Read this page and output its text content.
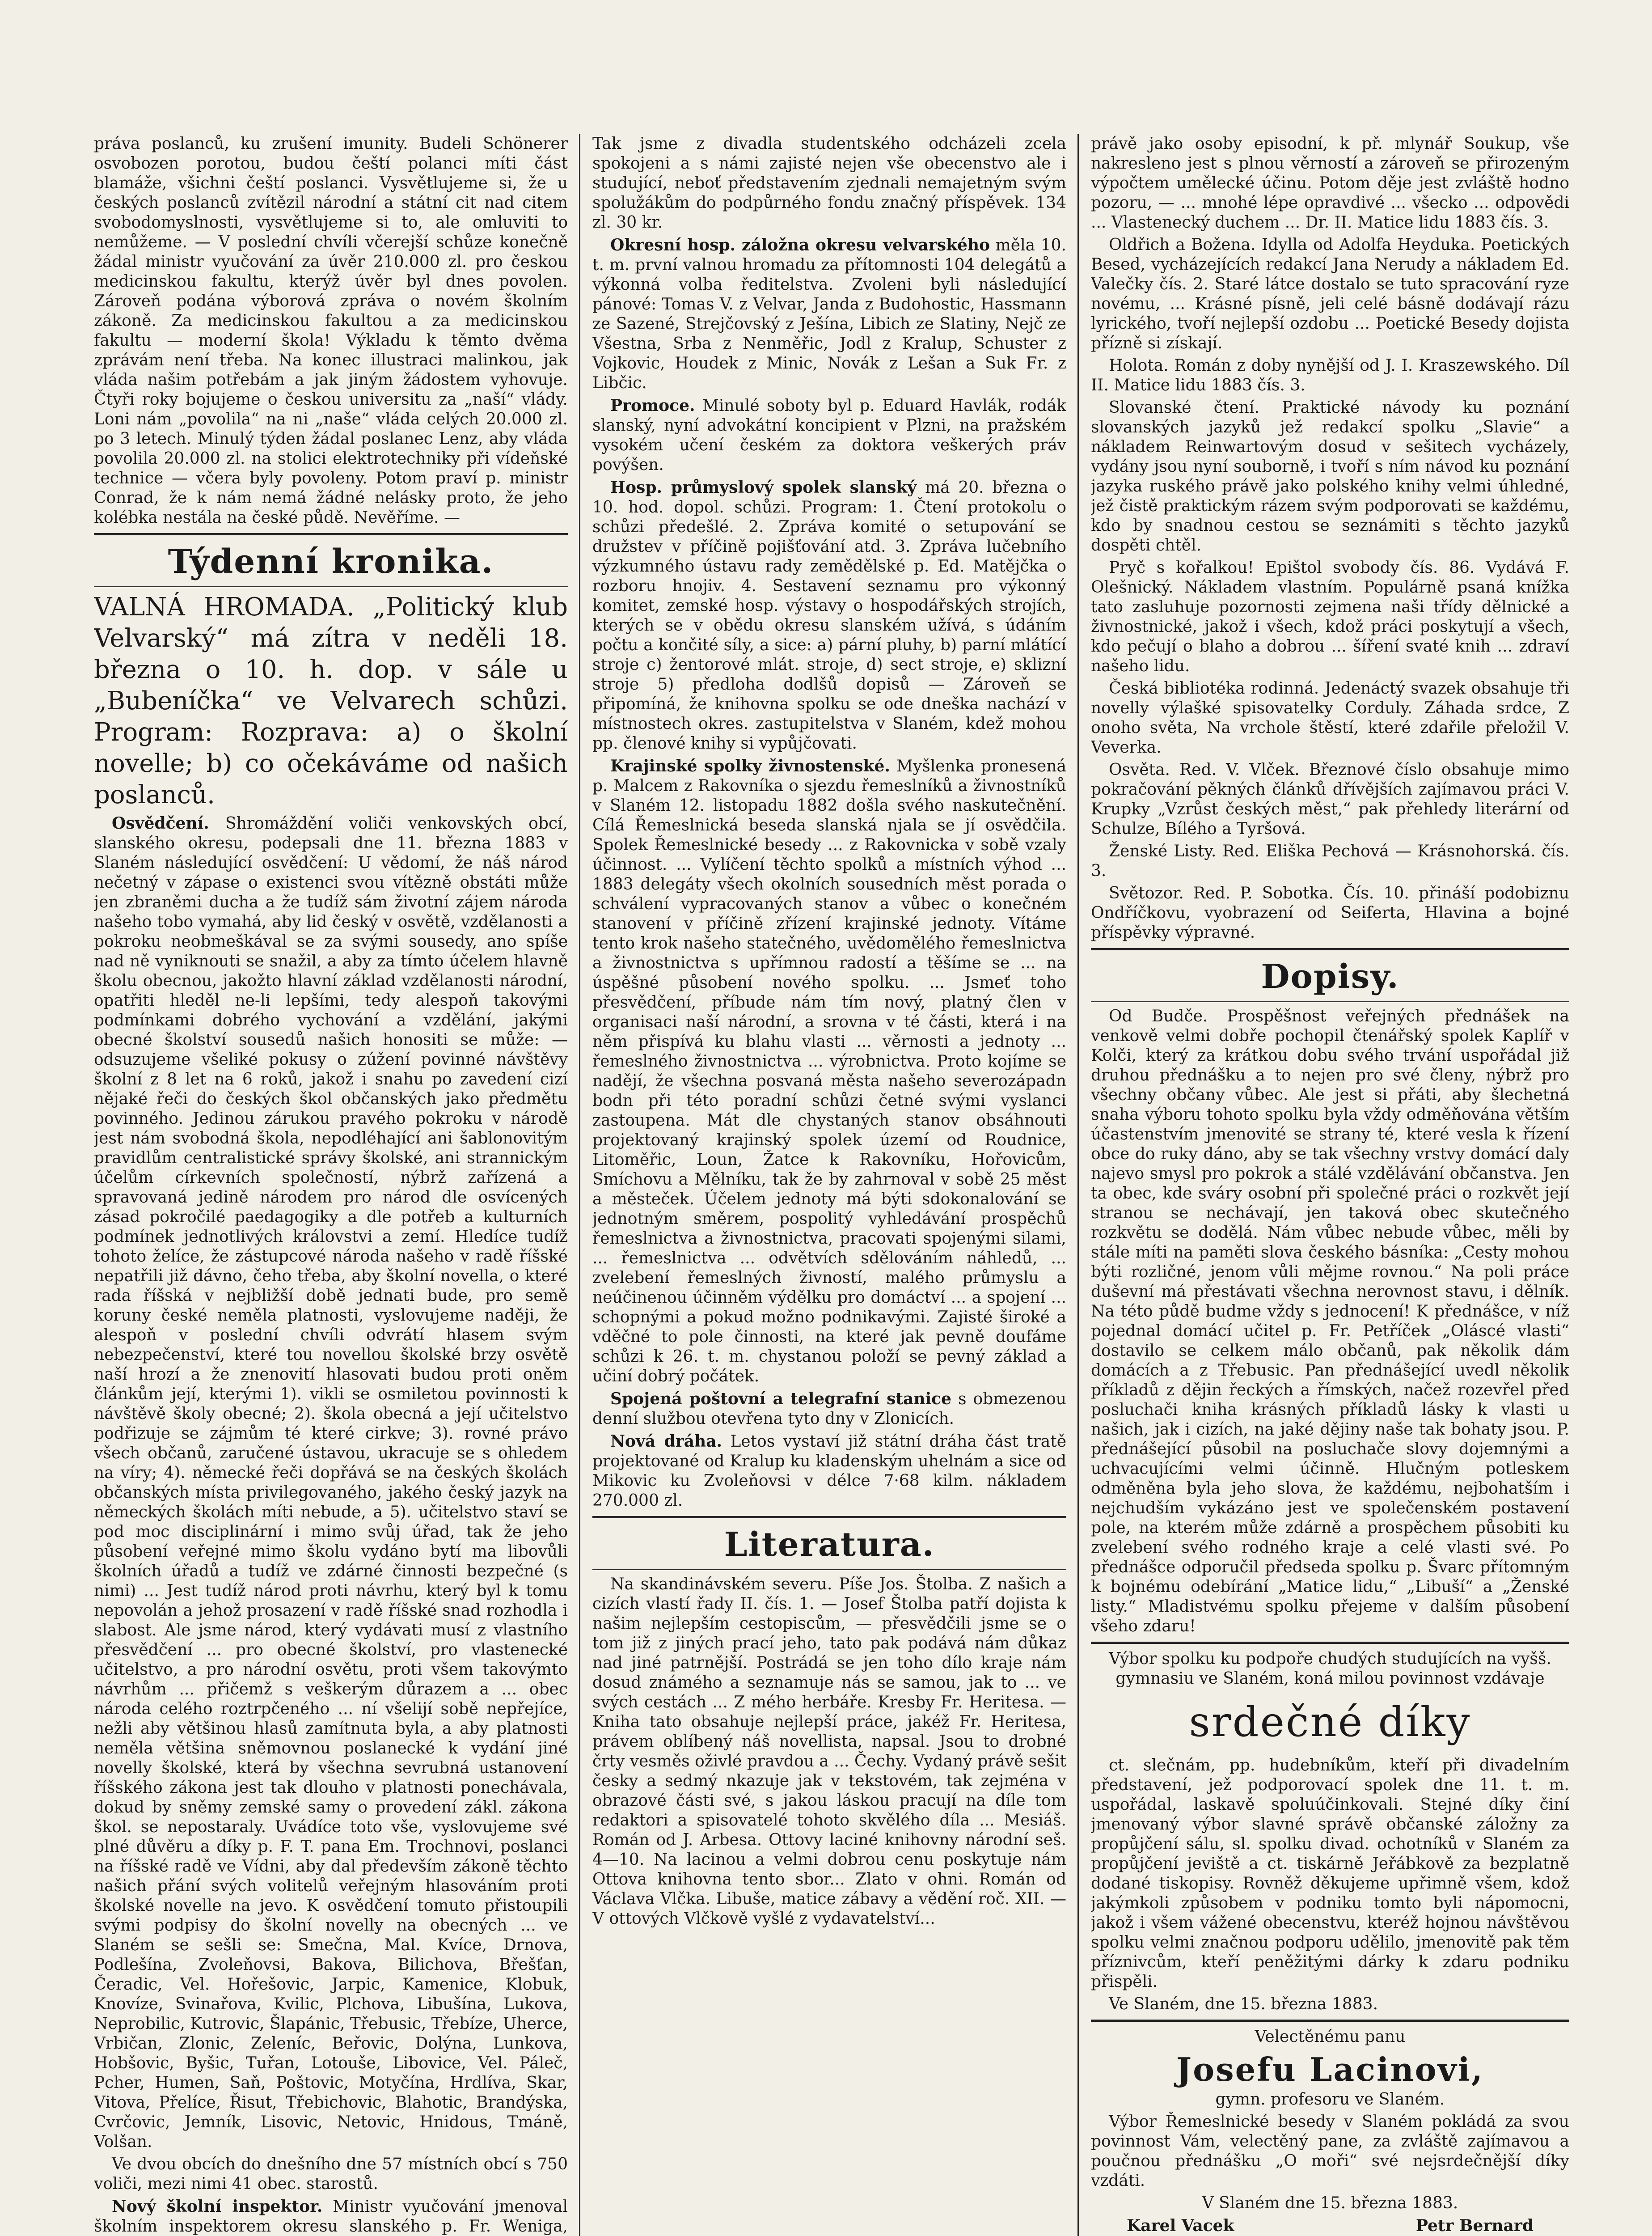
práva poslanců, ku zrušení imunity. Budeli Schönerer osvobozen porotou, budou čeští polanci míti část blamáže, všichni čeští poslanci. Vysvětlujeme si, že u českých poslanců zvítězil národní a státní cit nad citem svobodomyslnosti, vysvětlujeme si to, ale omluviti to nemůžeme. — V poslední chvíli včerejší schůze konečně žádal ministr vyučování za úvěr 210.000 zl. pro českou medicinskou fakultu, kterýž úvěr byl dnes povolen. Zároveň podána výborová zpráva o novém školním zákoně. Za medicinskou fakultou a za medicinskou fakultu — moderní škola! Výkladu k těmto dvěma zprávám není třeba. Na konec illustraci malinkou, jak vláda našim potřebám a jak jiným žádostem vyhovuje. Čtyři roky bojujeme o českou universitu za „naší“ vlády. Loni nám „povolila“ na ni „naše“ vláda celých 20.000 zl. po 3 letech. Minulý týden žádal poslanec Lenz, aby vláda povolila 20.000 zl. na stolici elektrotechniky při vídeňské technice — včera byly povoleny. Potom praví p. ministr Conrad, že k nám nemá žádné nelásky proto, že jeho kolébka nestála na české půdě. Nevěříme. —

Týdenní kronika.

VALNÁ HROMADA. „Politický klub Velvarský“ má zítra v neděli 18. března o 10. h. dop. v sále u „Bubeníčka“ ve Velvarech schůzi. Program: Rozprava: a) o školní novelle; b) co očekáváme od našich poslanců.

Osvědčení. Shromáždění voliči venkovských obcí, slanského okresu, podepsali dne 11. března 1883 v Slaném následující osvědčení: U vědomí, že náš národ nečetný v zápase o existenci svou vítězně obstáti může jen zbraněmi ducha a že tudíž sám životní zájem národa našeho tobo vymahá, aby lid český v osvětě, vzdělanosti a pokroku neobmeškával se za svými sousedy, ano spíše nad ně vyniknouti se snažil, a aby za tímto účelem hlavně školu obecnou, jakožto hlavní základ vzdělanosti národní, opatřiti hleděl ne-li lepšími, tedy alespoň takovými podmínkami dobrého vychování a vzdělání, jakými obecné školství sousedů našich honositi se může: — odsuzujeme všeliké pokusy o zúžení povinné návštěvy školní z 8 let na 6 roků, jakož i snahu po zavedení cizí nějaké řeči do českých škol občanských jako předmětu povinného. Jedinou zárukou pravého pokroku v národě jest nám svobodná škola, nepodléhající ani šablonovitým pravidlům centralistické správy školské, ani strannickým účelům církevních společností, nýbrž zařízená a spravovaná jedině národem pro národ dle osvícených zásad pokročilé paedagogiky a dle potřeb a kulturních podmínek jednotlivých královstvi a zemí. Hledíce tudíž tohoto želíce, že zástupcové národa našeho v radě říšské nepatřili již dávno, čeho třeba, aby školní novella, o které rada říšská v nejbližší době jednati bude, pro semě koruny české neměla platnosti, vyslovujeme naději, že alespoň v poslední chvíli odvrátí hlasem svým nebezpečenství, které tou novellou školské brzy osvětě naší hrozí a že znenovití hlasovati budou proti oněm článkům její, kterými 1). vikli se osmiletou povinnosti k návštěvě školy obecné; 2). škola obecná a její učitelstvo podřizuje se zájmům té které cirkve; 3). rovné právo všech občanů, zaručené ústavou, ukracuje se s ohledem na víry; 4). německé řeči dopřává se na českých školách občanských místa privilegovaného, jakého český jazyk na německých školách míti nebude, a 5). učitelstvo staví se pod moc disciplinární i mimo svůj úřad, tak že jeho působení veřejné mimo školu vydáno bytí ma libovůli školních úřadů a tudíž ve zdárné činnosti bezpečné (s nimi) ... Jest tudíž národ proti návrhu, který byl k tomu nepovolán a jehož prosazení v radě říšské snad rozhodla i slabost. Ale jsme národ, který vydávati musí z vlastního přesvědčení ... pro obecné školství, pro vlastenecké učitelstvo, a pro národní osvětu, proti všem takovýmto návrhům ... přičemž s veškerým důrazem a ... obec národa celého roztrpčeného ... ní všelijí sobě nepřejíce, nežli aby většinou hlasů zamítnuta byla, a aby platnosti neměla většina sněmovnou poslanecké k vydání jiné novelly školské, která by všechna sevrubná ustanovení říšského zákona jest tak dlouho v platnosti ponechávala, dokud by sněmy zemské samy o provedení zákl. zákona škol. se nepostaraly. Uvádíce toto vše, vyslovujeme své plné důvěru a díky p. F. T. pana Em. Trochnovi, poslanci na říšské radě ve Vídni, aby dal především zákoně těchto našich přání svých volitelů veřejným hlasováním proti školské novelle na jevo. K osvědčení tomuto přistoupili svými podpisy do školní novelly na obecných ... ve Slaném se sešli se: Smečna, Mal. Kvíce, Drnova, Podlešína, Zvoleňovsi, Bakova, Bilichova, Břešťan, Čeradic, Vel. Hořešovic, Jarpic, Kamenice, Klobuk, Knovíze, Svinařova, Kvilic, Plchova, Libušína, Lukova, Neprobilic, Kutrovic, Šlapánic, Třebusic, Třebíze, Uherce, Vrbičan, Zlonic, Zeleníc, Beřovic, Dolýna, Lunkova, Hobšovic, Byšic, Tuřan, Lotouše, Libovice, Vel. Páleč, Pcher, Humen, Saň, Poštovic, Motyčína, Hrdlíva, Skar, Vitova, Přelíce, Řisut, Třebichovic, Blahotic, Brandýska, Cvrčovic, Jemník, Lisovic, Netovic, Hnidous, Tmáně, Volšan.

Ve dvou obcích do dnešního dne 57 místních obcí s 750 voliči, mezi nimi 41 obec. starostů.

Nový školní inspektor. Ministr vyučování jmenoval školním inspektorem okresu slanského p. Fr. Weniga,

Tak jsme z divadla studentského odcházeli zcela spokojeni a s námi zajisté nejen vše obecenstvo ale i studující, neboť představením zjednali nemajetným svým spolužákům do podpůrného fondu značný příspěvek. 134 zl. 30 kr.

Okresní hosp. záložna okresu velvarského měla 10. t. m. první valnou hromadu za přítomnosti 104 delegátů a výkonná volba ředitelstva. Zvoleni byli následující pánové: Tomas V. z Velvar, Janda z Budohostic, Hassmann ze Sazené, Strejčovský z Ješína, Libich ze Slatiny, Nejč ze Všestna, Srba z Nenměřic, Jodl z Kralup, Schuster z Vojkovic, Houdek z Minic, Novák z Lešan a Suk Fr. z Libčic.

Promoce. Minulé soboty byl p. Eduard Havlák, rodák slanský, nyní advokátní koncipient v Plzni, na pražském vysokém učení českém za doktora veškerých práv povýšen.

Hosp. průmyslový spolek slanský má 20. března o 10. hod. dopol. schůzi. Program: 1. Čtení protokolu o schůzi předešlé. 2. Zpráva komité o setupování se družstev v příčině pojišťování atd. 3. Zpráva lučebního výzkumného ústavu rady zemědělské p. Ed. Matějčka o rozboru hnojiv. 4. Sestavení seznamu pro výkonný komitet, zemské hosp. výstavy o hospodářských strojích, kterých se v obědu okresu slanském užívá, s údáním počtu a končité síly, a sice: a) pární pluhy, b) parní mlátící stroje c) žentorové mlát. stroje, d) sect stroje, e) sklizní stroje 5) předloha dodlšů dopisů — Zároveň se připomíná, že knihovna spolku se ode dneška nachází v místnostech okres. zastupitelstva v Slaném, kdež mohou pp. členové knihy si vypůjčovati.

Krajinské spolky živnostenské. Myšlenka pronesená p. Malcem z Rakovníka o sjezdu řemeslníků a živnostníků v Slaném 12. listopadu 1882 došla svého naskutečnění. Cílá Řemeslnická beseda slanská njala se jí osvědčila. Spolek Řemeslnické besedy ... z Rakovnicka v sobě vzaly účinnost. ... Vylíčení těchto spolků a místních výhod ... 1883 delegáty všech okolních sousedních měst porada o schválení vypracovaných stanov a vůbec o konečném stanovení v příčině zřízení krajinské jednoty. Vítáme tento krok našeho statečného, uvědomělého řemeslnictva a živnostnictva s upřímnou radostí a těšíme se ... na úspěšné působení nového spolku. ... Jsmeť toho přesvědčení, příbude nám tím nový, platný člen v organisaci naší národní, a srovna v té části, která i na něm přispívá ku blahu vlasti ... věrnosti a jednoty ... řemeslného živnostnictva ... výrobnictva. Proto kojíme se nadějí, že všechna posvaná města našeho severozápadn bodn při této poradní schůzi četné svými vyslanci zastoupena. Mát dle chystaných stanov obsáhnouti projektovaný krajinský spolek území od Roudnice, Litoměřic, Loun, Žatce k Rakovníku, Hořovicům, Smíchovu a Mělníku, tak že by zahrnoval v sobě 25 měst a městeček. Účelem jednoty má býti sdokonalování se jednotným směrem, pospolitý vyhledávání prospěchů řemeslnictva a živnostnictva, pracovati spojenými silami, ... řemeslnictva ... odvětvích sdělováním náhledů, ... zvelebení řemeslných živností, malého průmyslu a neúčinenou účinněm výdělku pro domáctví ... a spojení ... schopnými a pokud možno podnikavými. Zajisté široké a vděčné to pole činnosti, na které jak pevně doufáme schůzi k 26. t. m. chystanou položí se pevný základ a učiní dobrý počátek.

Spojená poštovní a telegrafní stanice s obmezenou denní službou otevřena tyto dny v Zlonicích.

Nová dráha. Letos vystaví již státní dráha část tratě projektované od Kralup ku kladenským uhelnám a sice od Mikovic ku Zvoleňovsi v délce 7·68 kilm. nákladem 270.000 zl.

Literatura.

Na skandinávském severu. Píše Jos. Štolba. Z našich a cizích vlastí řady II. čís. 1. — Josef Štolba patří dojista k našim nejlepším cestopiscům, — přesvědčili jsme se o tom již z jiných prací jeho, tato pak podává nám důkaz nad jiné patrnější. Postrádá se jen toho dílo kraje nám dosud známého a seznamuje nás se samou, jak to ... ve svých cestách ... Z mého herbáře. Kresby Fr. Heritesa. — Kniha tato obsahuje nejlepší práce, jakéž Fr. Heritesa, právem oblíbený náš novellista, napsal. Jsou to drobné črty vesměs oživlé pravdou a ... Čechy. Vydaný právě sešit česky a sedmý nkazuje jak v tekstovém, tak zejména v obrazové části své, s jakou láskou pracují na díle tom redaktori a spisovatelé tohoto skvělého díla ... Mesiáš. Román od J. Arbesa. Ottovy laciné knihovny národní seš. 4—10. Na lacinou a velmi dobrou cenu poskytuje nám Ottova knihovna tento sbor... Zlato v ohni. Román od Václava Vlčka. Libuše, matice zábavy a vědění roč. XII. — V ottových Vlčkově vyšlé z vydavatelství...

právě jako osoby episodní, k př. mlynář Soukup, vše nakresleno jest s plnou věrností a zároveň se přirozeným výpočtem umělecké účinu. Potom děje jest zvláště hodno pozoru, — ... mnohé lépe opravdivé ... všecko ... odpovědi ... Vlastenecký duchem ... Dr. II. Matice lidu 1883 čís. 3.

Oldřich a Božena. Idylla od Adolfa Heyduka. Poetických Besed, vycházejících redakcí Jana Nerudy a nákladem Ed. Valečky čís. 2. Staré látce dostalo se tuto spracování ryze novému, ... Krásné písně, jeli celé básně dodávají rázu lyrického, tvoří nejlepší ozdobu ... Poetické Besedy dojista přízně si získají.

Holota. Román z doby nynější od J. I. Kraszewského. Díl II. Matice lidu 1883 čís. 3.

Slovanské čtení. Praktické návody ku poznání slovanských jazyků jež redakcí spolku „Slavie“ a nákladem Reinwartovým dosud v sešitech vycházely, vydány jsou nyní souborně, i tvoří s ním návod ku poznání jazyka ruského právě jako polského knihy velmi úhledné, jež čistě praktickým rázem svým podporovati se každému, kdo by snadnou cestou se seznámiti s těchto jazyků dospěti chtěl.

Pryč s kořalkou! Epištol svobody čís. 86. Vydává F. Olešnický. Nákladem vlastním. Populárně psaná knížka tato zasluhuje pozornosti zejmena naši třídy dělnické a živnostnické, jakož i všech, kdož práci poskytují a všech, kdo pečují o blaho a dobrou ... šíření svaté knih ... zdraví našeho lidu.

Česká bibliotéka rodinná. Jedenáctý svazek obsahuje tři novelly výlašké spisovatelky Corduly. Záhada srdce, Z onoho světa, Na vrchole štěstí, které zdařile přeložil V. Veverka.

Osvěta. Red. V. Vlček. Březnové číslo obsahuje mimo pokračování pěkných článků dřívějších zajímavou práci V. Krupky „Vzrůst českých měst,“ pak přehledy literární od Schulze, Bílého a Tyršová.

Ženské Listy. Red. Eliška Pechová — Krásnohorská. čís. 3.

Světozor. Red. P. Sobotka. Čís. 10. přináší podobiznu Ondříčkovu, vyobrazení od Seiferta, Hlavina a bojné příspěvky výpravné.

Dopisy.

Od Budče. Prospěšnost veřejných přednášek na venkově velmi dobře pochopil čtenářský spolek Kaplíř v Kolči, který za krátkou dobu svého trvání uspořádal již druhou přednášku a to nejen pro své členy, nýbrž pro všechny občany vůbec. Ale jest si přáti, aby šlechetná snaha výboru tohoto spolku byla vždy odměňována větším účastenstvím jmenovité se strany té, které vesla k řízení obce do ruky dáno, aby se tak všechny vrstvy domácí daly najevo smysl pro pokrok a stálé vzdělávání občanstva. Jen ta obec, kde sváry osobní při společné práci o rozkvět její stranou se nechávají, jen taková obec skutečného rozkvětu se dodělá. Nám vůbec nebude vůbec, měli by stále míti na paměti slova českého básníka: „Cesty mohou býti rozličné, jenom vůli mějme rovnou.“ Na poli práce duševní má přestávati všechna nerovnost stavu, i dělník. Na této půdě budme vždy s jednocení! K přednášce, v níž pojednal domácí učitel p. Fr. Petříček „Oláscé vlasti“ dostavilo se celkem málo občanů, pak několik dám domácích a z Třebusic. Pan přednášející uvedl několik příkladů z dějin řeckých a římských, načež rozevřel před posluchači kniha krásných příkladů lásky k vlasti u našich, jak i cizích, na jaké dějiny naše tak bohaty jsou. P. přednášející působil na posluchače slovy dojemnými a uchvacujícími velmi účinně. Hlučným potleskem odměněna byla jeho slova, že každému, nejbohatším i nejchudším vykázáno jest ve společenském postavení pole, na kterém může zdárně a prospěchem působiti ku zvelebení svého rodného kraje a celé vlasti své. Po přednášce odporučil předseda spolku p. Švarc přítomným k bojnému odebírání „Matice lidu,“ „Libuší“ a „Ženské listy.“ Mladistvému spolku přejeme v dalším působení všeho zdaru!

Výbor spolku ku podpoře chudých studujících na vyšš. gymnasiu ve Slaném, koná milou povinnost vzdávaje

srdečné díky

ct. slečnám, pp. hudebníkům, kteří při divadelním představení, jež podporovací spolek dne 11. t. m. uspořádal, laskavě spoluúčinkovali. Stejné díky činí jmenovaný výbor slavné správě občanské záložny za propůjčení sálu, sl. spolku divad. ochotníků v Slaném za propůjčení jeviště a ct. tiskárně Jeřábkově za bezplatně dodané tiskopisy. Rovněž děkujeme upřimně všem, kdož jakýmkoli způsobem v podniku tomto byli nápomocni, jakož i všem vážené obecenstvu, kteréž hojnou návštěvou spolku velmi značnou podporu udělilo, jmenovitě pak těm příznivcům, kteří peněžitými dárky k zdaru podniku přispěli.

Ve Slaném, dne 15. března 1883.

Velectěnému panu

Josefu Lacinovi,

gymn. profesoru ve Slaném.

Výbor Řemeslnické besedy v Slaném pokládá za svou povinnost Vám, velectěný pane, za zvláště zajímavou a poučnou přednášku „O moři“ své nejsrdečnější díky vzdáti.

V Slaném dne 15. března 1883.

Karel Vacek	Petr Bernard
